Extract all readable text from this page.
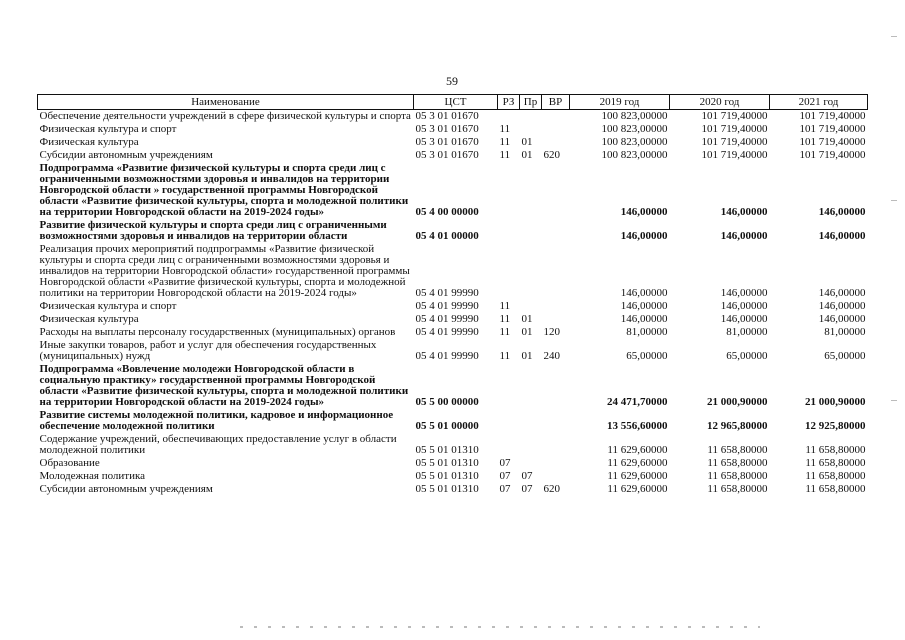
59
Наименование	ЦСТ	РЗ	Пр	ВР	2019 год	2020 год	2021 год
Обеспечение деятельности учреждений в сфере физической культуры и спорта	05 3 01 01670				100 823,00000	101 719,40000	101 719,40000
Физическая культура и спорт	05 3 01 01670	11			100 823,00000	101 719,40000	101 719,40000
Физическая культура	05 3 01 01670	11	01		100 823,00000	101 719,40000	101 719,40000
Субсидии автономным учреждениям	05 3 01 01670	11	01	620	100 823,00000	101 719,40000	101 719,40000
Подпрограмма «Развитие физической культуры и спорта среди лиц с ограниченными возможностями здоровья и инвалидов на территории Новгородской области » государственной программы Новгородской области «Развитие физической культуры, спорта и молодежной политики на территории Новгородской области на 2019-2024 годы»	05 4 00 00000				146,00000	146,00000	146,00000
Развитие физической культуры и спорта среди лиц с ограниченными возможностями здоровья и инвалидов на территории области	05 4 01 00000				146,00000	146,00000	146,00000
Реализация прочих мероприятий подпрограммы «Развитие физической культуры и спорта среди лиц с ограниченными возможностями здоровья и инвалидов на территории Новгородской области» государственной программы Новгородской области «Развитие физической культуры, спорта и молодежной политики на территории Новгородской области на 2019-2024 годы»	05 4 01 99990				146,00000	146,00000	146,00000
Физическая культура и спорт	05 4 01 99990	11			146,00000	146,00000	146,00000
Физическая культура	05 4 01 99990	11	01		146,00000	146,00000	146,00000
Расходы на выплаты персоналу государственных (муниципальных) органов	05 4 01 99990	11	01	120	81,00000	81,00000	81,00000
Иные закупки товаров, работ и услуг для обеспечения государственных (муниципальных) нужд	05 4 01 99990	11	01	240	65,00000	65,00000	65,00000
Подпрограмма «Вовлечение молодежи Новгородской области в социальную практику» государственной программы Новгородской области «Развитие физической культуры, спорта и молодежной политики на территории Новгородской области на 2019-2024 годы»	05 5 00 00000				24 471,70000	21 000,90000	21 000,90000
Развитие системы молодежной политики, кадровое и информационное обеспечение молодежной политики	05 5 01 00000				13 556,60000	12 965,80000	12 925,80000
Содержание учреждений, обеспечивающих предоставление услуг в области молодежной политики	05 5 01 01310				11 629,60000	11 658,80000	11 658,80000
Образование	05 5 01 01310	07			11 629,60000	11 658,80000	11 658,80000
Молодежная политика	05 5 01 01310	07	07		11 629,60000	11 658,80000	11 658,80000
Субсидии автономным учреждениям	05 5 01 01310	07	07	620	11 629,60000	11 658,80000	11 658,80000
